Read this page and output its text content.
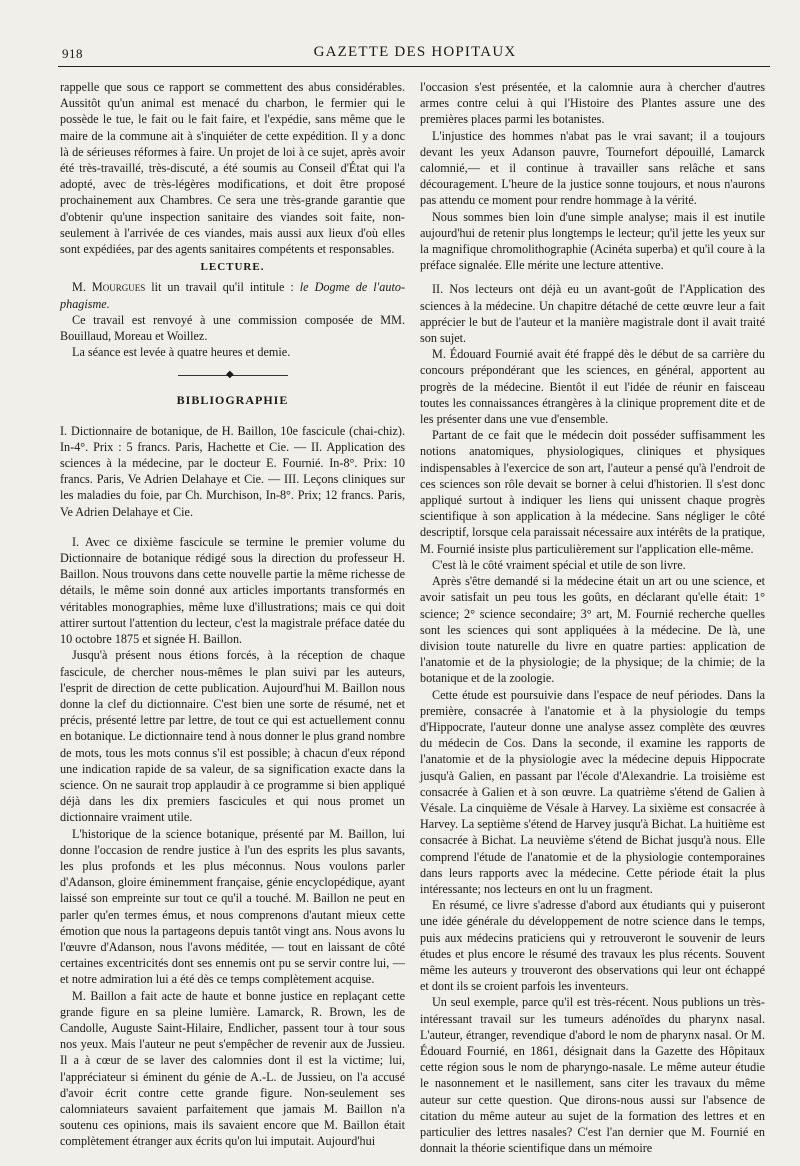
918	GAZETTE DES HOPITAUX

rappelle que sous ce rapport se commettent des abus considérables. Aussitôt qu'un animal est menacé du charbon, le fermier qui le possède le tue, le fait ou le fait faire, et l'expédie, sans même que le maire de la commune ait à s'inquiéter de cette expédition. Il y a donc là de sérieuses réformes à faire. Un projet de loi à ce sujet, après avoir été très-travaillé, très-discuté, a été soumis au Conseil d'État qui l'a adopté, avec de très-légères modifications, et doit être proposé prochainement aux Chambres. Ce sera une très-grande garantie que d'obtenir qu'une inspection sanitaire des viandes soit faite, non-seulement à l'arrivée de ces viandes, mais aussi aux lieux d'où elles sont expédiées, par des agents sanitaires compétents et responsables.

LECTURE.

M. Mourgues lit un travail qu'il intitule : le Dogme de l'auto-phagisme.

Ce travail est renvoyé à une commission composée de MM. Bouillaud, Moreau et Woillez.

La séance est levée à quatre heures et demie.

◆
BIBLIOGRAPHIE

I. Dictionnaire de botanique, de H. Baillon, 10e fascicule (chai-chiz). In-4°. Prix : 5 francs. Paris, Hachette et Cie. — II. Application des sciences à la médecine, par le docteur E. Fournié. In-8°. Prix: 10 francs. Paris, Ve Adrien Delahaye et Cie. — III. Leçons cliniques sur les maladies du foie, par Ch. Murchison, In-8°. Prix; 12 francs. Paris, Ve Adrien Delahaye et Cie.

I. Avec ce dixième fascicule se termine le premier volume du Dictionnaire de botanique rédigé sous la direction du professeur H. Baillon. Nous trouvons dans cette nouvelle partie la même richesse de détails, le même soin donné aux articles importants transformés en véritables monographies, même luxe d'illustrations; mais ce qui doit attirer surtout l'attention du lecteur, c'est la magistrale préface datée du 10 octobre 1875 et signée H. Baillon.

Jusqu'à présent nous étions forcés, à la réception de chaque fascicule, de chercher nous-mêmes le plan suivi par les auteurs, l'esprit de direction de cette publication. Aujourd'hui M. Baillon nous donne la clef du dictionnaire. C'est bien une sorte de résumé, net et précis, présenté lettre par lettre, de tout ce qui est actuellement connu en botanique. Le dictionnaire tend à nous donner le plus grand nombre de mots, tous les mots connus s'il est possible; à chacun d'eux répond une indication rapide de sa valeur, de sa signification exacte dans la science. On ne saurait trop applaudir à ce programme si bien appliqué déjà dans les dix premiers fascicules et qui nous promet un dictionnaire vraiment utile.

L'historique de la science botanique, présenté par M. Baillon, lui donne l'occasion de rendre justice à l'un des esprits les plus savants, les plus profonds et les plus méconnus. Nous voulons parler d'Adanson, gloire éminemment française, génie encyclopédique, ayant laissé son empreinte sur tout ce qu'il a touché. M. Baillon ne peut en parler qu'en termes émus, et nous comprenons d'autant mieux cette émotion que nous la partageons depuis tantôt vingt ans. Nous avons lu l'œuvre d'Adanson, nous l'avons méditée, — tout en laissant de côté certaines excentricités dont ses ennemis ont pu se servir contre lui, — et notre admiration lui a été dès ce temps complètement acquise.

M. Baillon a fait acte de haute et bonne justice en replaçant cette grande figure en sa pleine lumière. Lamarck, R. Brown, les de Candolle, Auguste Saint-Hilaire, Endlicher, passent tour à tour sous nos yeux. Mais l'auteur ne peut s'empêcher de revenir aux de Jussieu. Il a à cœur de se laver des calomnies dont il est la victime; lui, l'appréciateur si éminent du génie de A.-L. de Jussieu, on l'a accusé d'avoir écrit contre cette grande figure. Non-seulement ses calomniateurs savaient parfaitement que jamais M. Baillon n'a soutenu ces opinions, mais ils savaient encore que M. Baillon était complètement étranger aux écrits qu'on lui imputait. Aujourd'hui

l'occasion s'est présentée, et la calomnie aura à chercher d'autres armes contre celui à qui l'Histoire des Plantes assure une des premières places parmi les botanistes.

L'injustice des hommes n'abat pas le vrai savant; il a toujours devant les yeux Adanson pauvre, Tournefort dépouillé, Lamarck calomnié,— et il continue à travailler sans relâche et sans découragement. L'heure de la justice sonne toujours, et nous n'aurons pas attendu ce moment pour rendre hommage à la vérité.

Nous sommes bien loin d'une simple analyse; mais il est inutile aujourd'hui de retenir plus longtemps le lecteur; qu'il jette les yeux sur la magnifique chromolithographie (Acinéta superba) et qu'il coure à la préface signalée. Elle mérite une lecture attentive.

II. Nos lecteurs ont déjà eu un avant-goût de l'Application des sciences à la médecine. Un chapitre détaché de cette œuvre leur a fait apprécier le but de l'auteur et la manière magistrale dont il avait traité son sujet.

M. Édouard Fournié avait été frappé dès le début de sa carrière du concours prépondérant que les sciences, en général, apportent au progrès de la médecine. Bientôt il eut l'idée de réunir en faisceau toutes les connaissances étrangères à la clinique proprement dite et de les présenter dans une vue d'ensemble.

Partant de ce fait que le médecin doit posséder suffisamment les notions anatomiques, physiologiques, cliniques et physiques indispensables à l'exercice de son art, l'auteur a pensé qu'à l'endroit de ces sciences son rôle devait se borner à celui d'historien. Il s'est donc appliqué surtout à indiquer les liens qui unissent chaque progrès scientifique à son application à la médecine. Sans négliger le côté descriptif, lorsque cela paraissait nécessaire aux intérêts de la pratique, M. Fournié insiste plus particulièrement sur l'application elle-même.

C'est là le côté vraiment spécial et utile de son livre.

Après s'être demandé si la médecine était un art ou une science, et avoir satisfait un peu tous les goûts, en déclarant qu'elle était: 1° science; 2° science secondaire; 3° art, M. Fournié recherche quelles sont les sciences qui sont appliquées à la médecine. De là, une division toute naturelle du livre en quatre parties: application de l'anatomie et de la physiologie; de la physique; de la chimie; de la botanique et de la zoologie.

Cette étude est poursuivie dans l'espace de neuf périodes. Dans la première, consacrée à l'anatomie et à la physiologie du temps d'Hippocrate, l'auteur donne une analyse assez complète des œuvres du médecin de Cos. Dans la seconde, il examine les rapports de l'anatomie et de la physiologie avec la médecine depuis Hippocrate jusqu'à Galien, en passant par l'école d'Alexandrie. La troisième est consacrée à Galien et à son œuvre. La quatrième s'étend de Galien à Vésale. La cinquième de Vésale à Harvey. La sixième est consacrée à Harvey. La septième s'étend de Harvey jusqu'à Bichat. La huitième est consacrée à Bichat. La neuvième s'étend de Bichat jusqu'à nous. Elle comprend l'étude de l'anatomie et de la physiologie contemporaines dans leurs rapports avec la médecine. Cette période était la plus intéressante; nos lecteurs en ont lu un fragment.

En résumé, ce livre s'adresse d'abord aux étudiants qui y puiseront une idée générale du développement de notre science dans le temps, puis aux médecins praticiens qui y retrouveront le souvenir de leurs études et plus encore le résumé des travaux les plus récents. Souvent même les auteurs y trouveront des observations qui leur ont échappé et dont ils se croient parfois les inventeurs.

Un seul exemple, parce qu'il est très-récent. Nous publions un très-intéressant travail sur les tumeurs adénoïdes du pharynx nasal. L'auteur, étranger, revendique d'abord le nom de pharynx nasal. Or M. Édouard Fournié, en 1861, désignait dans la Gazette des Hôpitaux cette région sous le nom de pharyngo-nasale. Le même auteur étudie le nasonnement et le nasillement, sans citer les travaux du même auteur sur cette question. Que dirons-nous aussi sur l'absence de citation du même auteur au sujet de la formation des lettres et en particulier des lettres nasales? C'est l'an dernier que M. Fournié en donnait la théorie scientifique dans un mémoire
